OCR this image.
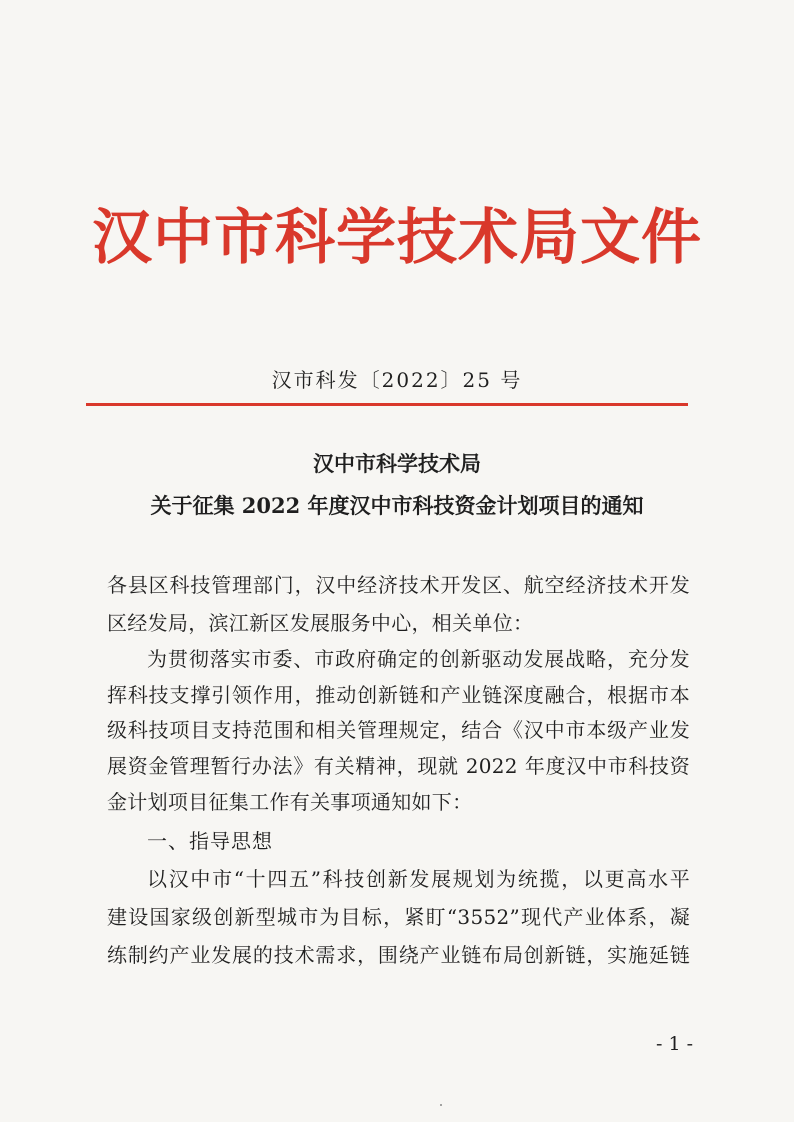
汉中市科学技术局文件
汉市科发〔2022〕25 号
汉中市科学技术局
关于征集 2022 年度汉中市科技资金计划项目的通知
各县区科技管理部门，汉中经济技术开发区、航空经济技术开发
区经发局，滨江新区发展服务中心，相关单位：
为贯彻落实市委、市政府确定的创新驱动发展战略，充分发
挥科技支撑引领作用，推动创新链和产业链深度融合，根据市本
级科技项目支持范围和相关管理规定，结合《汉中市本级产业发
展资金管理暂行办法》有关精神，现就 2022 年度汉中市科技资
金计划项目征集工作有关事项通知如下：
一、指导思想
以汉中市“十四五”科技创新发展规划为统揽，以更高水平
建设国家级创新型城市为目标，紧盯“3552”现代产业体系，凝
练制约产业发展的技术需求，围绕产业链布局创新链，实施延链
- 1 -
